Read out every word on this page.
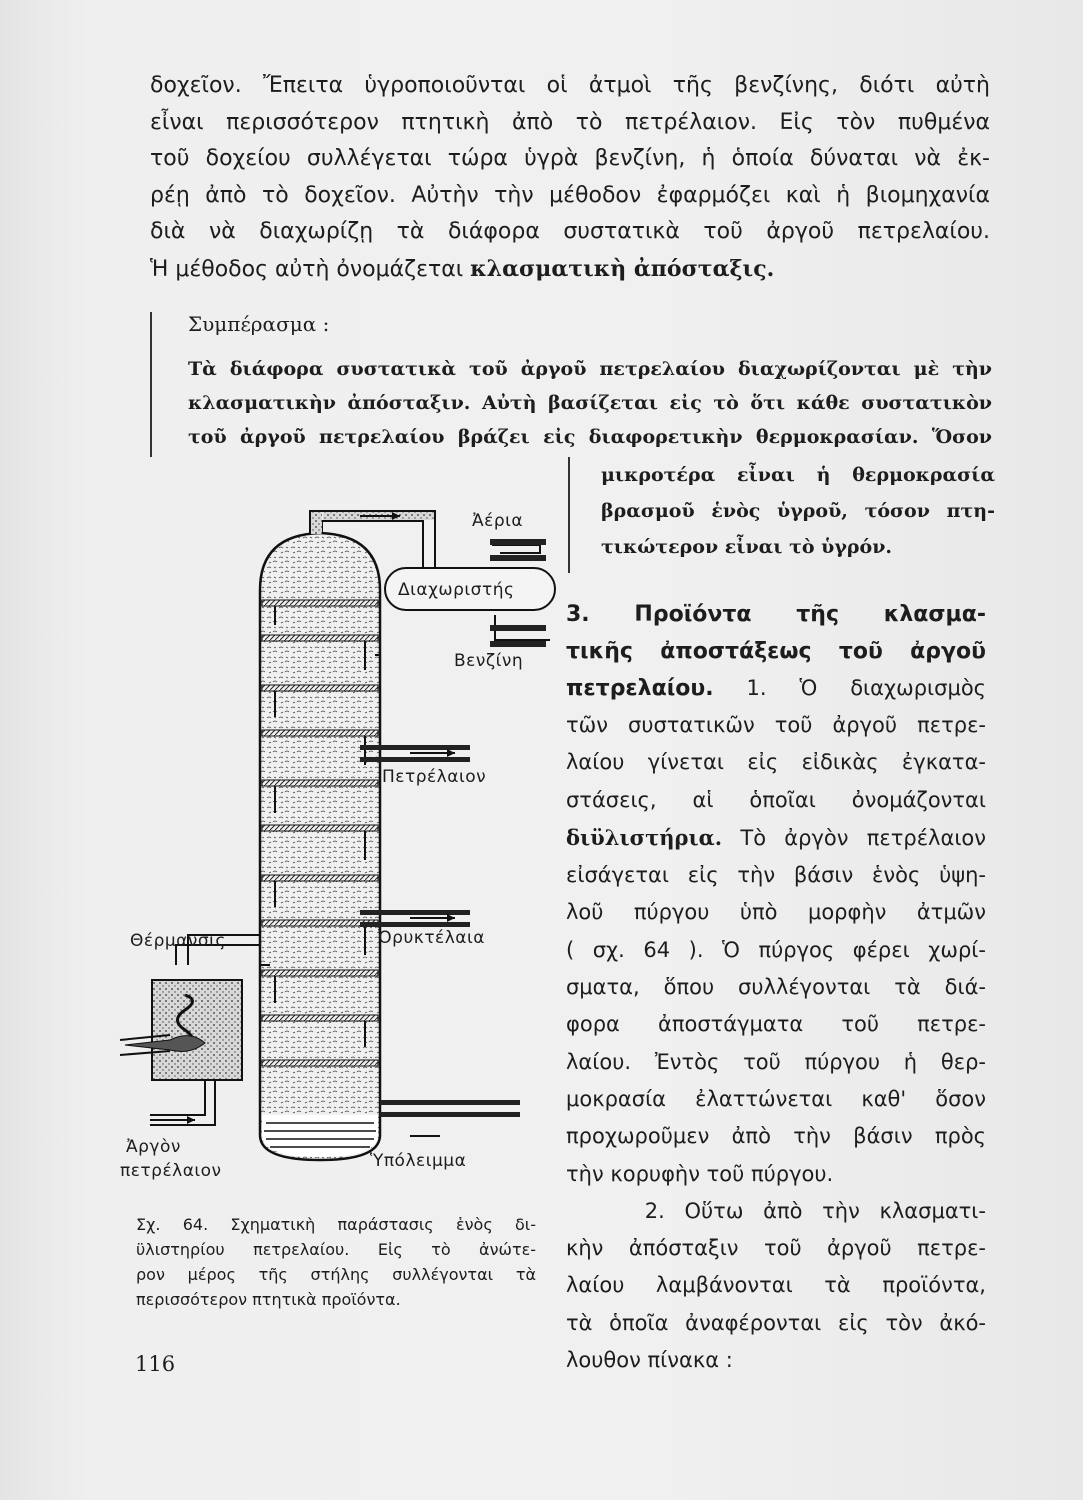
δοχεῖον. Ἔπειτα ὑγροποιοῦνται οἱ ἀτμοὶ τῆς βενζίνης, διότι αὐτὴ
εἶναι περισσότερον πτητικὴ ἀπὸ τὸ πετρέλαιον. Εἰς τὸν πυθμένα
τοῦ δοχείου συλλέγεται τώρα ὑγρὰ βενζίνη, ἡ ὁποία δύναται νὰ ἐκ-
ρέῃ ἀπὸ τὸ δοχεῖον. Αὐτὴν τὴν μέθοδον ἐφαρμόζει καὶ ἡ βιομηχανία
διὰ νὰ διαχωρίζῃ τὰ διάφορα συστατικὰ τοῦ ἀργοῦ πετρελαίου.
Ἡ μέθοδος αὐτὴ ὀνομάζεται κλασματικὴ ἀπόσταξις.
Συμπέρασμα :
Τὰ διάφορα συστατικὰ τοῦ ἀργοῦ πετρελαίου διαχωρίζονται μὲ τὴν
κλασματικὴν ἀπόσταξιν. Αὐτὴ βασίζεται εἰς τὸ ὅτι κάθε συστατικὸν
τοῦ ἀργοῦ πετρελαίου βράζει εἰς διαφορετικὴν θερμοκρασίαν. Ὅσον
μικροτέρα εἶναι ἡ θερμοκρασία
βρασμοῦ ἑνὸς ὑγροῦ, τόσον πτη-
τικώτερον εἶναι τὸ ὑγρόν.
3. Προϊόντα τῆς κλασμα-
τικῆς ἀποστάξεως τοῦ ἀργοῦ
πετρελαίου. 1. Ὁ διαχωρισμὸς
τῶν συστατικῶν τοῦ ἀργοῦ πετρε-
λαίου γίνεται εἰς εἰδικὰς ἐγκατα-
στάσεις, αἱ ὁποῖαι ὀνομάζονται
διϋλιστήρια. Τὸ ἀργὸν πετρέλαιον
εἰσάγεται εἰς τὴν βάσιν ἑνὸς ὑψη-
λοῦ πύργου ὑπὸ μορφὴν ἀτμῶν
( σχ. 64 ). Ὁ πύργος φέρει χωρί-
σματα, ὅπου συλλέγονται τὰ διά-
φορα ἀποστάγματα τοῦ πετρε-
λαίου. Ἐντὸς τοῦ πύργου ἡ θερ-
μοκρασία ἐλαττώνεται καθ' ὅσον
προχωροῦμεν ἀπὸ τὴν βάσιν πρὸς
τὴν κορυφὴν τοῦ πύργου.
2. Οὕτω ἀπὸ τὴν κλασματι-
κὴν ἀπόσταξιν τοῦ ἀργοῦ πετρε-
λαίου λαμβάνονται τὰ προϊόντα,
τὰ ὁποῖα ἀναφέρονται εἰς τὸν ἀκό-
λουθον πίνακα :
Ἀέρια
Διαχωριστής
Βενζίνη
Πετρέλαιον
Ὀρυκτέλαια
Θέρμανσις
Ἀργὸν
πετρέλαιον	Ὑπόλειμμα
Σχ. 64. Σχηματικὴ παράστασις ἑνὸς δι-
ϋλιστηρίου πετρελαίου. Εἰς τὸ ἀνώτε-
ρον μέρος τῆς στήλης συλλέγονται τὰ
περισσότερον πτητικὰ προϊόντα.
116
